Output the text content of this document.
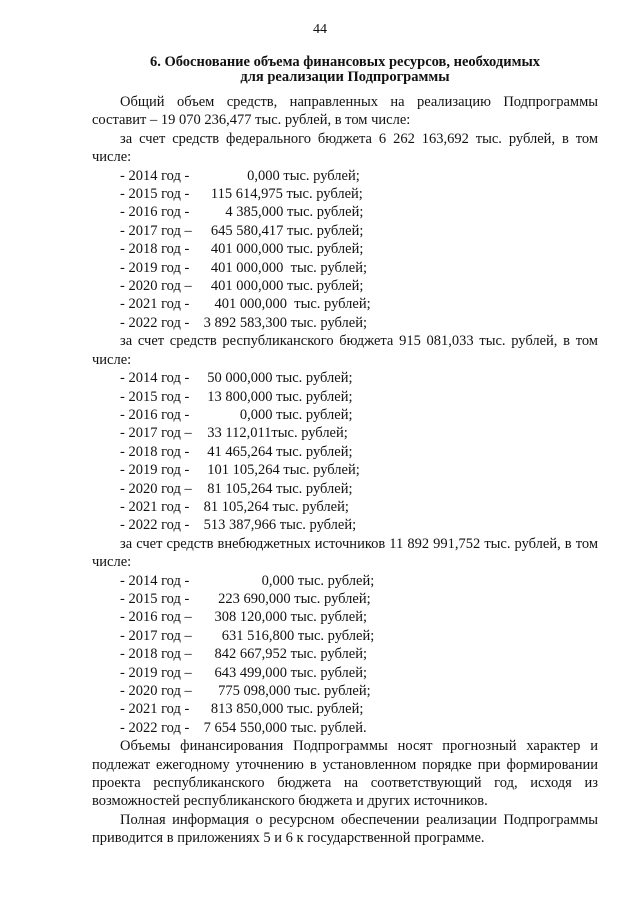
44
6. Обоснование объема финансовых ресурсов, необходимых
для реализации Подпрограммы

Общий объем средств, направленных на реализацию Подпрограммы составит – 19 070 236,477 тыс. рублей, в том числе:

за счет средств федерального бюджета 6 262 163,692 тыс. рублей, в том числе:

- 2014 год -             0,000 тыс. рублей;
- 2015 год -   115 614,975 тыс. рублей;
- 2016 год -       4 385,000 тыс. рублей;
- 2017 год –   645 580,417 тыс. рублей;
- 2018 год -   401 000,000 тыс. рублей;
- 2019 год -   401 000,000  тыс. рублей;
- 2020 год –   401 000,000 тыс. рублей;
- 2021 год -    401 000,000  тыс. рублей;
- 2022 год - 3 892 583,300 тыс. рублей;

за счет средств республиканского бюджета 915 081,033 тыс. рублей, в том числе:

- 2014 год -  50 000,000 тыс. рублей;
- 2015 год -  13 800,000 тыс. рублей;
- 2016 год -           0,000 тыс. рублей;
- 2017 год –  33 112,011тыс. рублей;
- 2018 год -  41 465,264 тыс. рублей;
- 2019 год -  101 105,264 тыс. рублей;
- 2020 год –  81 105,264 тыс. рублей;
- 2021 год - 81 105,264 тыс. рублей;
- 2022 год - 513 387,966 тыс. рублей;

за счет средств внебюджетных источников 11 892 991,752 тыс. рублей, в том числе:

- 2014 год -                 0,000 тыс. рублей;
- 2015 год -     223 690,000 тыс. рублей;
- 2016 год –    308 120,000 тыс. рублей;
- 2017 год –      631 516,800 тыс. рублей;
- 2018 год –    842 667,952 тыс. рублей;
- 2019 год –    643 499,000 тыс. рублей;
- 2020 год –     775 098,000 тыс. рублей;
- 2021 год -   813 850,000 тыс. рублей;
- 2022 год - 7 654 550,000 тыс. рублей.

Объемы финансирования Подпрограммы носят прогнозный характер и подлежат ежегодному уточнению в установленном порядке при формировании проекта республиканского бюджета на соответствующий год, исходя из возможностей республиканского бюджета и других источников.

Полная информация о ресурсном обеспечении реализации Подпрограммы приводится в приложениях 5 и 6 к государственной программе.
